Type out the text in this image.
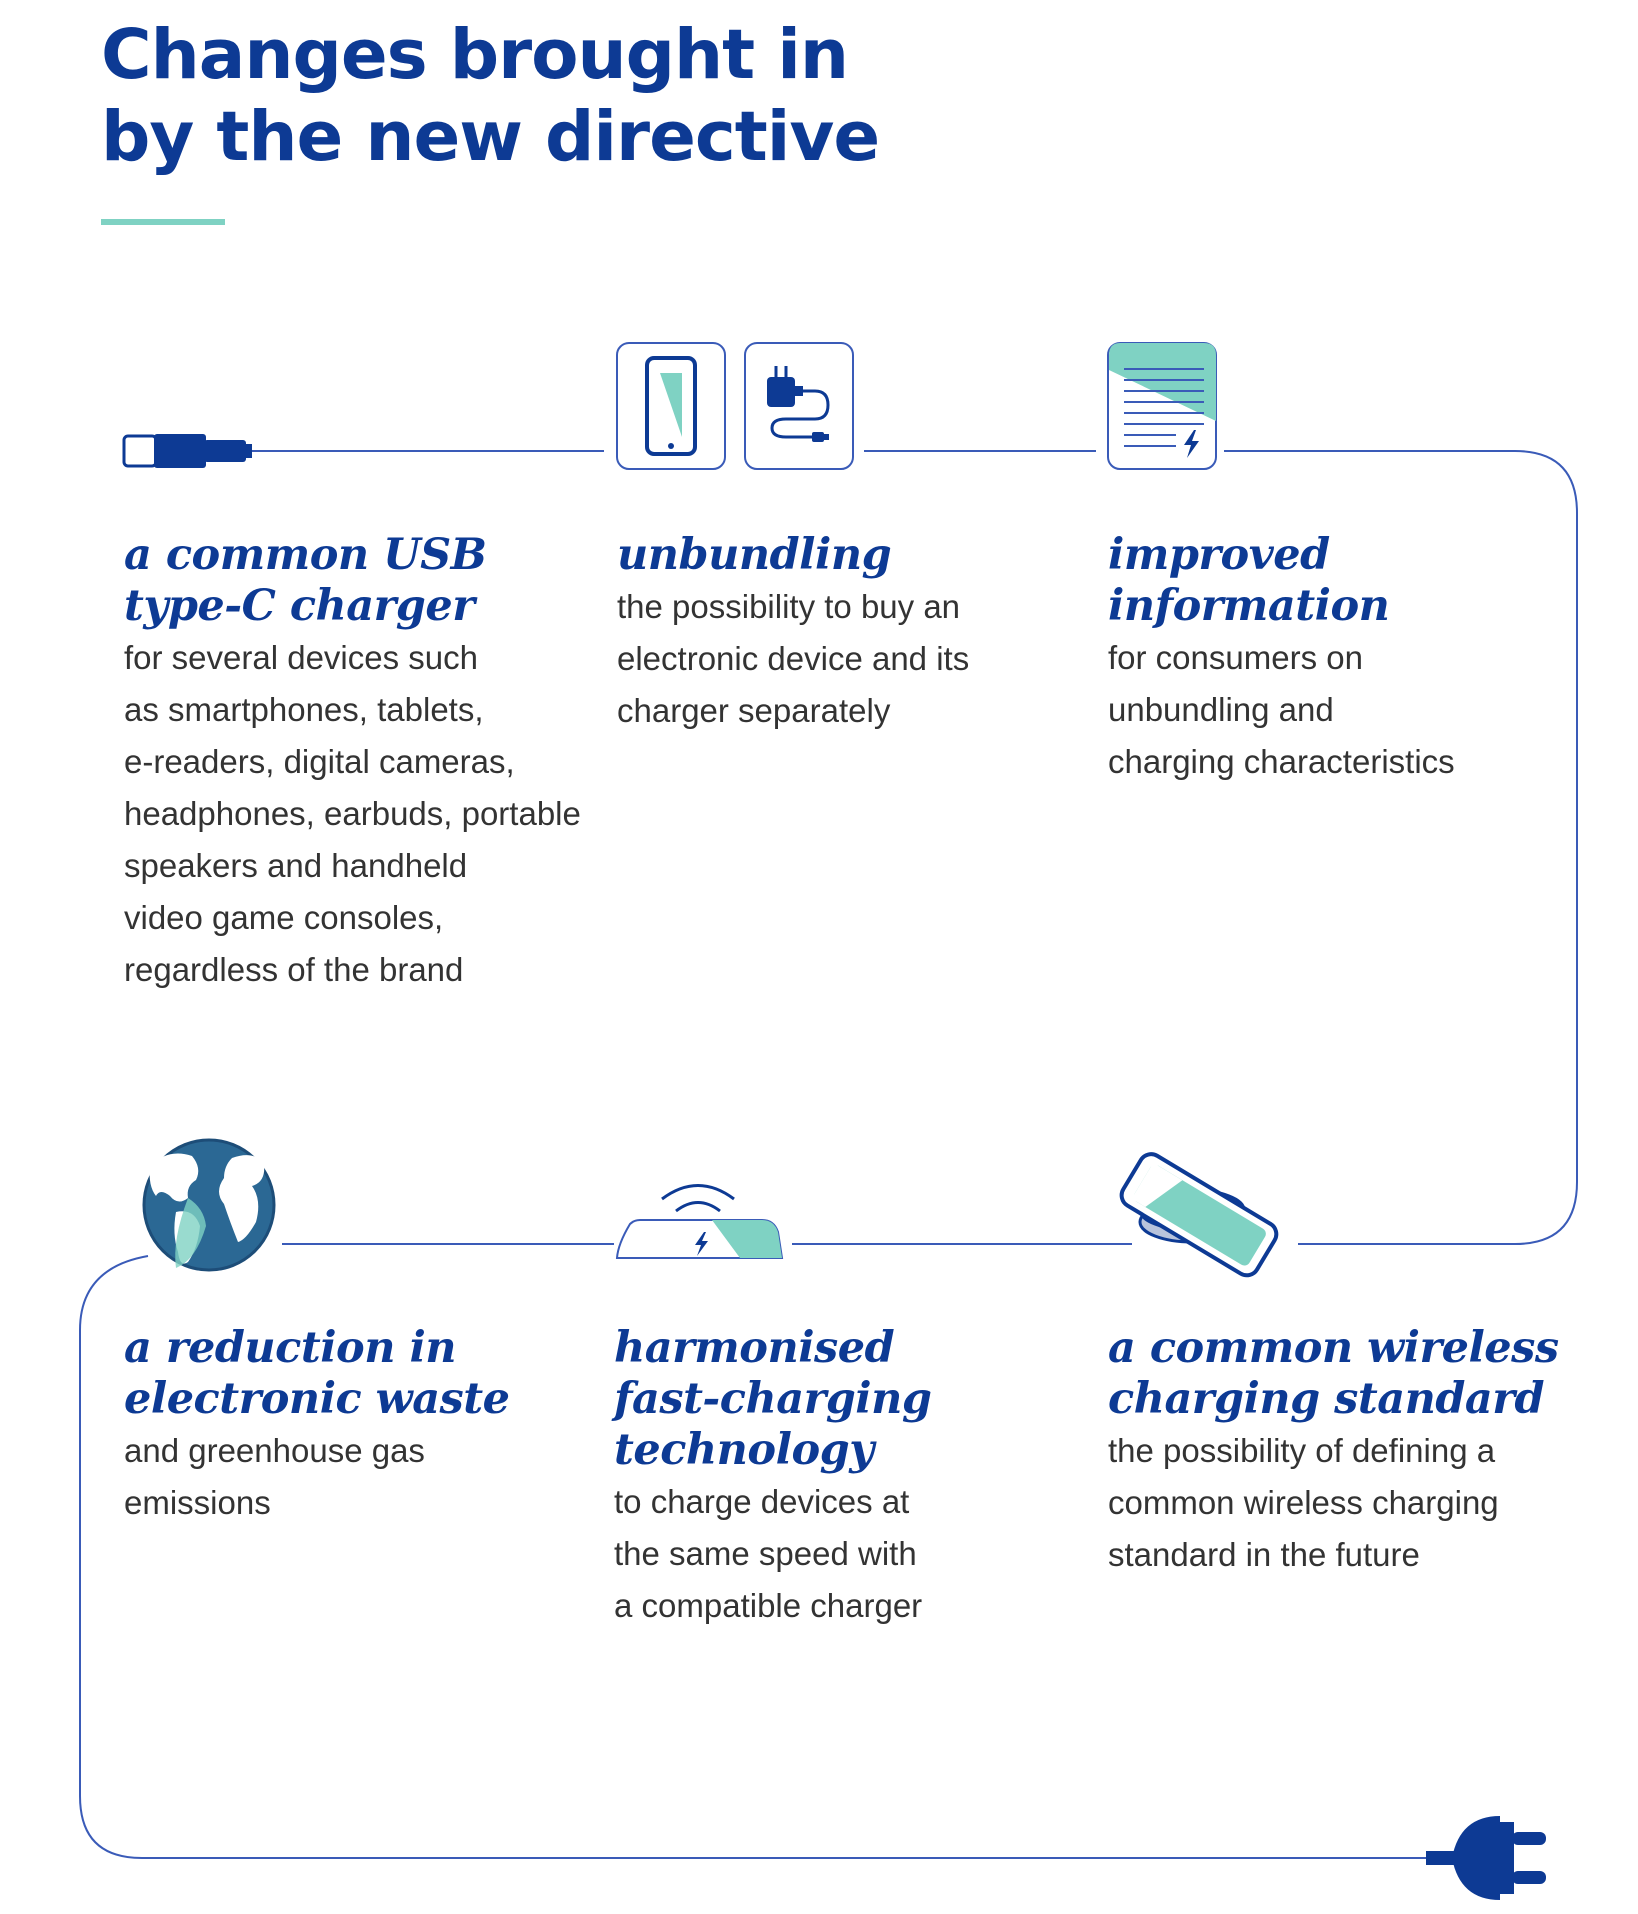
Changes brought in
by the new directive
a common USB
type-C charger

for several devices such
as smartphones, tablets,
e-readers, digital cameras,
headphones, earbuds, portable
speakers and handheld
video game consoles,
regardless of the brand

unbundling

the possibility to buy an
electronic device and its
charger separately

improved
information

for consumers on
unbundling and
charging characteristics

a common wireless
charging standard

the possibility of defining a
common wireless charging
standard in the future

harmonised
fast-charging
technology

to charge devices at
the same speed with
a compatible charger

a reduction in
electronic waste

and greenhouse gas
emissions
